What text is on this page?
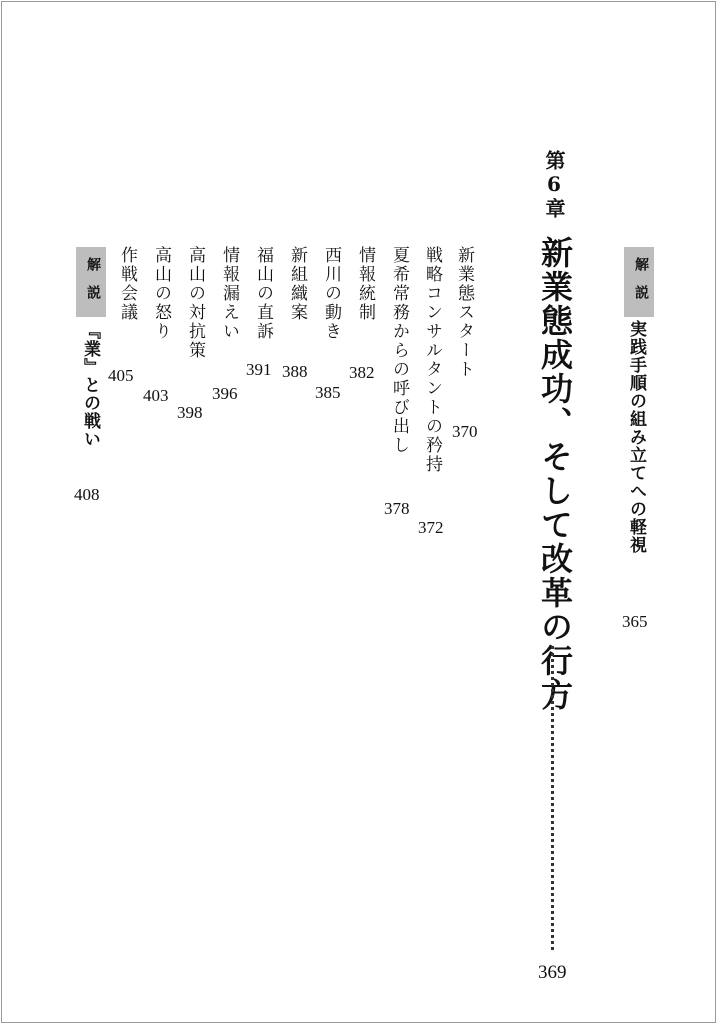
解説
実践手順の組み立てへの軽視
365
第6章
新業態成功、そして改革の行方
369
新業態スタート
370
戦略コンサルタントの矜持
372
夏希常務からの呼び出し
378
情報統制
382
西川の動き
385
新組織案
388
福山の直訴
391
情報漏えい
396
高山の対抗策
398
高山の怒り
403
作戦会議
405
解説
『業』との戦い
408
